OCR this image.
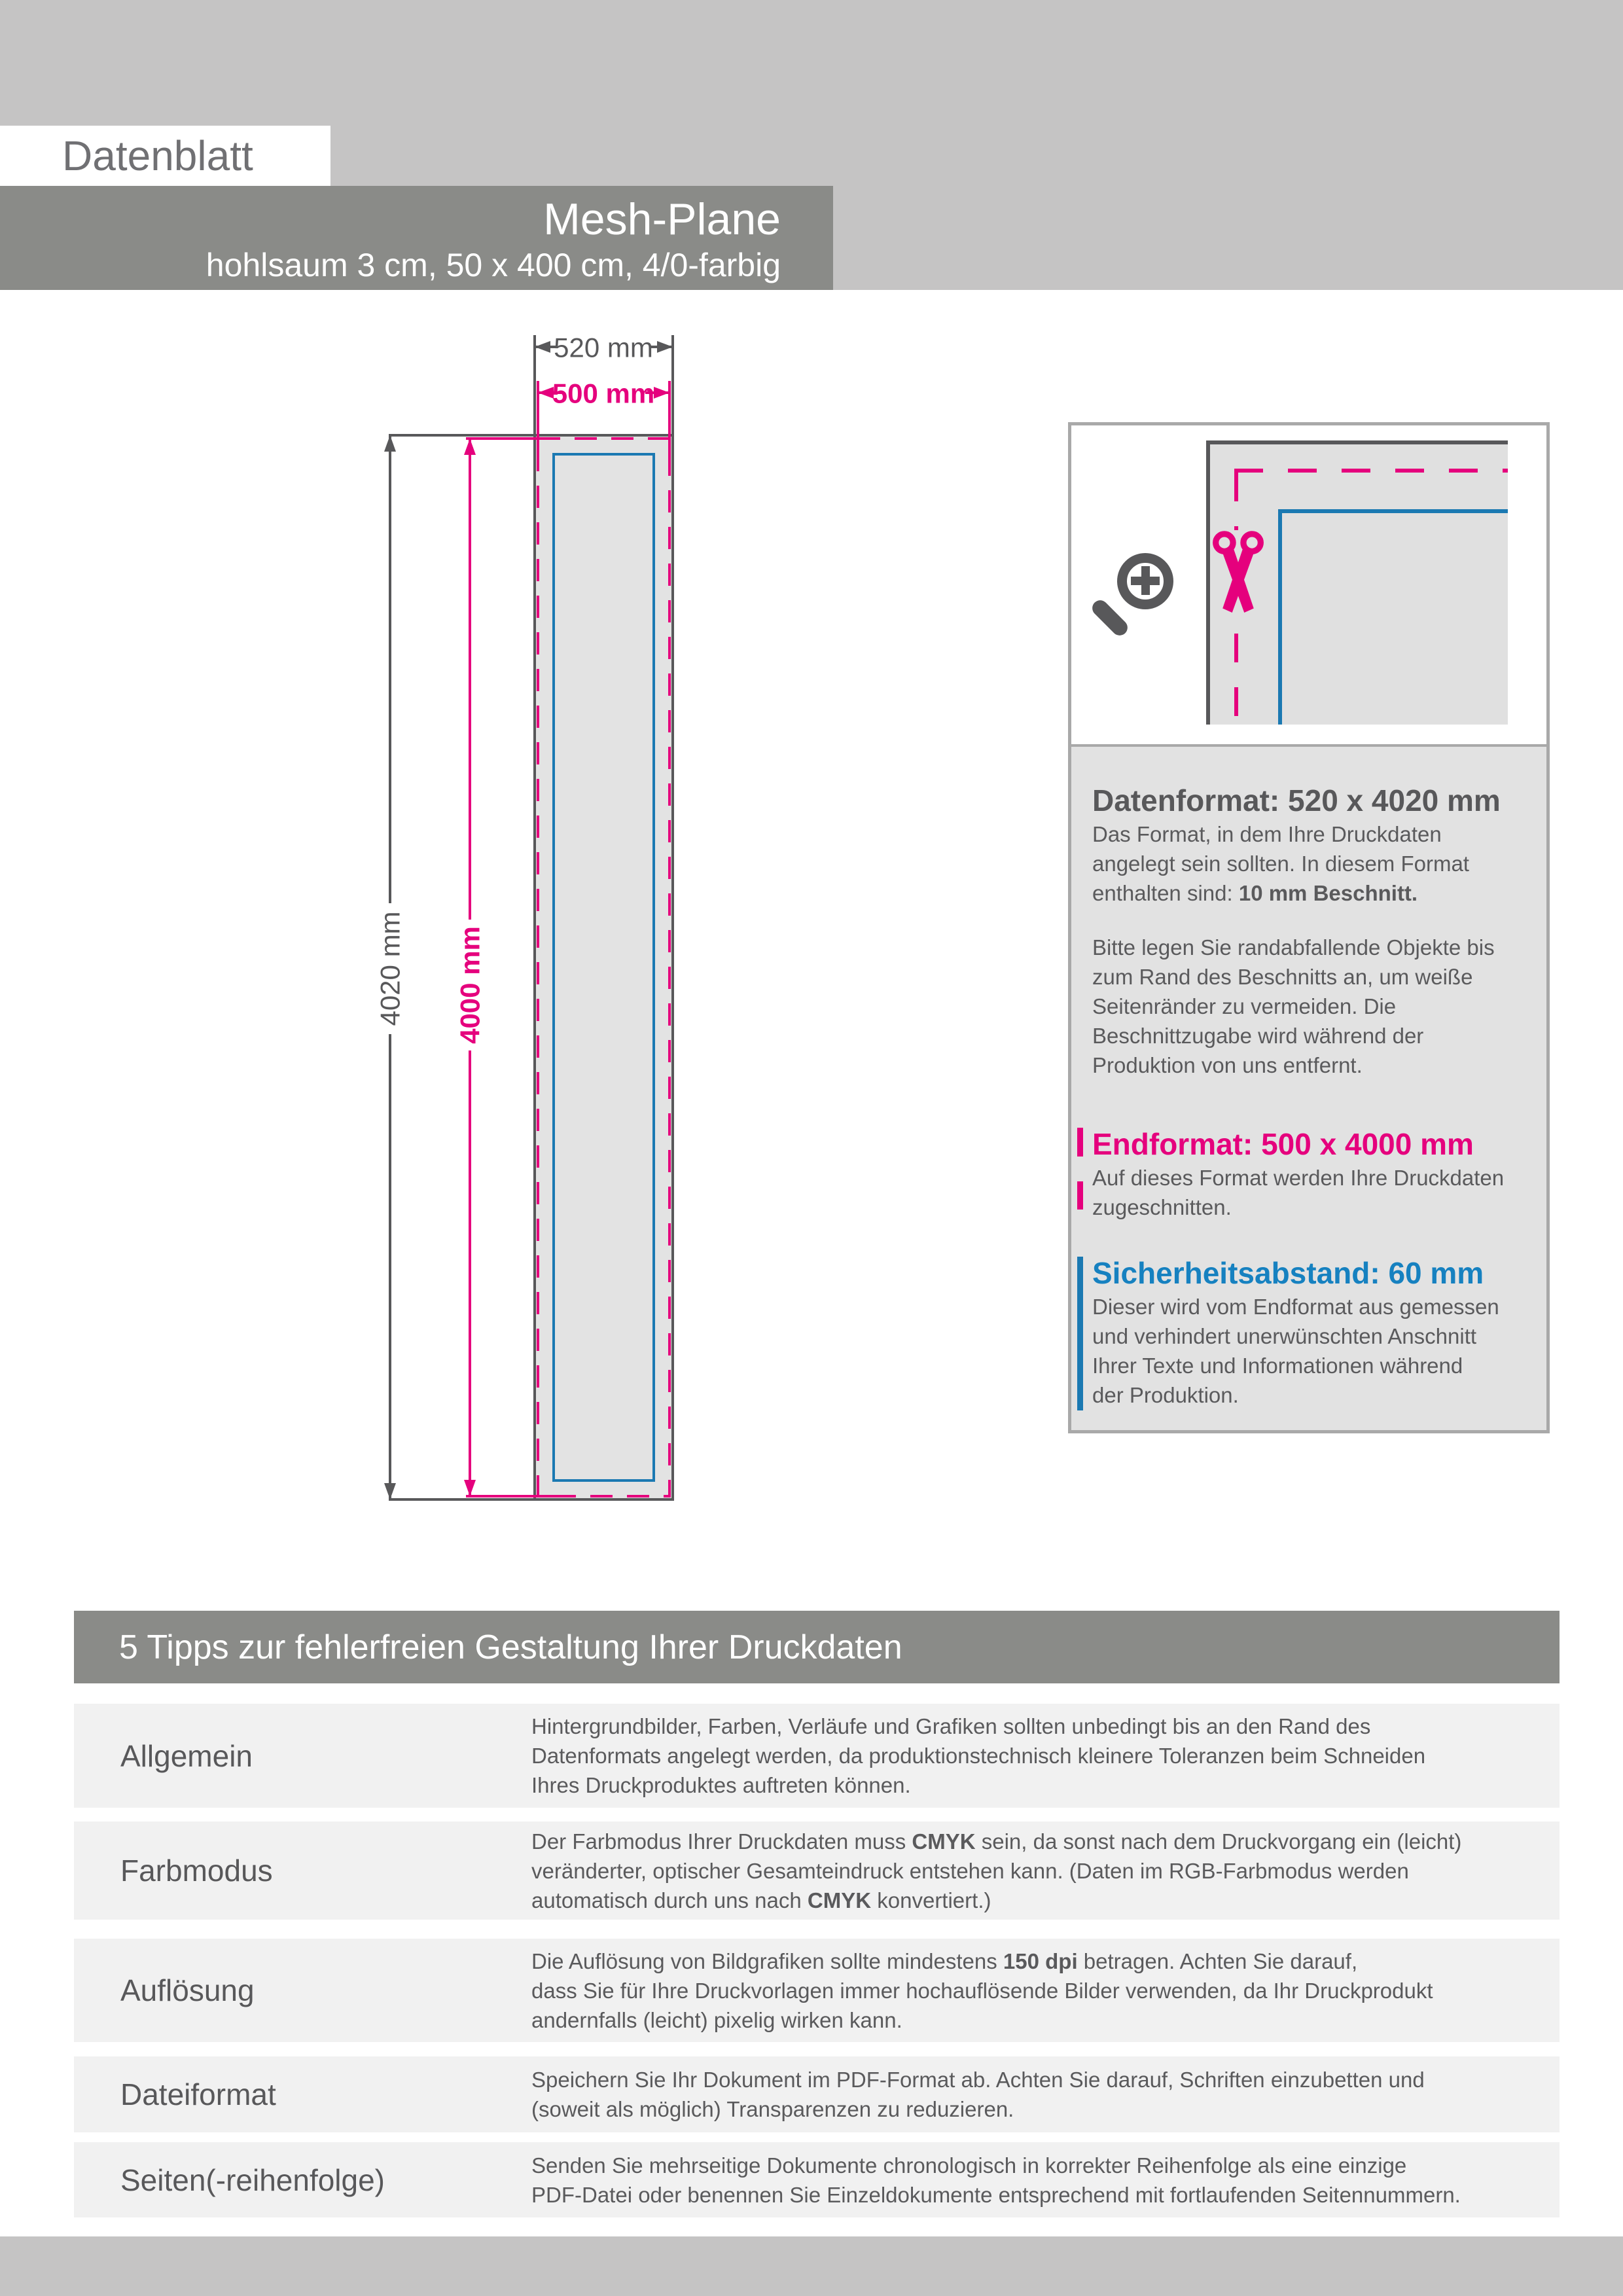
Datenblatt
Mesh-Plane
hohlsaum 3 cm, 50 x 400 cm, 4/0-farbig
520 mm
500 mm
4020 mm 4000 mm
Datenformat: 520 x 4020 mm
Das Format, in dem Ihre Druckdaten
angelegt sein sollten. In diesem Format
enthalten sind: 10 mm Beschnitt.
Bitte legen Sie randabfallende Objekte bis
zum Rand des Beschnitts an, um weiße
Seitenränder zu vermeiden. Die
Beschnittzugabe wird während der
Produktion von uns entfernt.
Endformat: 500 x 4000 mm
Auf dieses Format werden Ihre Druckdaten
zugeschnitten.
Sicherheitsabstand: 60 mm
Dieser wird vom Endformat aus gemessen
und verhindert unerwünschten Anschnitt
Ihrer Texte und Informationen während
der Produktion.
5 Tipps zur fehlerfreien Gestaltung Ihrer Druckdaten
Allgemein
Hintergrundbilder, Farben, Verläufe und Grafiken sollten unbedingt bis an den Rand des
Datenformats angelegt werden, da produktionstechnisch kleinere Toleranzen beim Schneiden
Ihres Druckproduktes auftreten können.
Farbmodus
Der Farbmodus Ihrer Druckdaten muss CMYK sein, da sonst nach dem Druckvorgang ein (leicht)
veränderter, optischer Gesamteindruck entstehen kann. (Daten im RGB-Farbmodus werden
automatisch durch uns nach CMYK konvertiert.)
Auflösung
Die Auflösung von Bildgrafiken sollte mindestens 150 dpi betragen. Achten Sie darauf,
dass Sie für Ihre Druckvorlagen immer hochauflösende Bilder verwenden, da Ihr Druckprodukt
andernfalls (leicht) pixelig wirken kann.
Dateiformat	Speichern Sie Ihr Dokument im PDF-Format ab. Achten Sie darauf, Schriften einzubetten und
(soweit als möglich) Transparenzen zu reduzieren.
Seiten(-reihenfolge)	Senden Sie mehrseitige Dokumente chronologisch in korrekter Reihenfolge als eine einzige
PDF-Datei oder benennen Sie Einzeldokumente entsprechend mit fortlaufenden Seitennummern.
